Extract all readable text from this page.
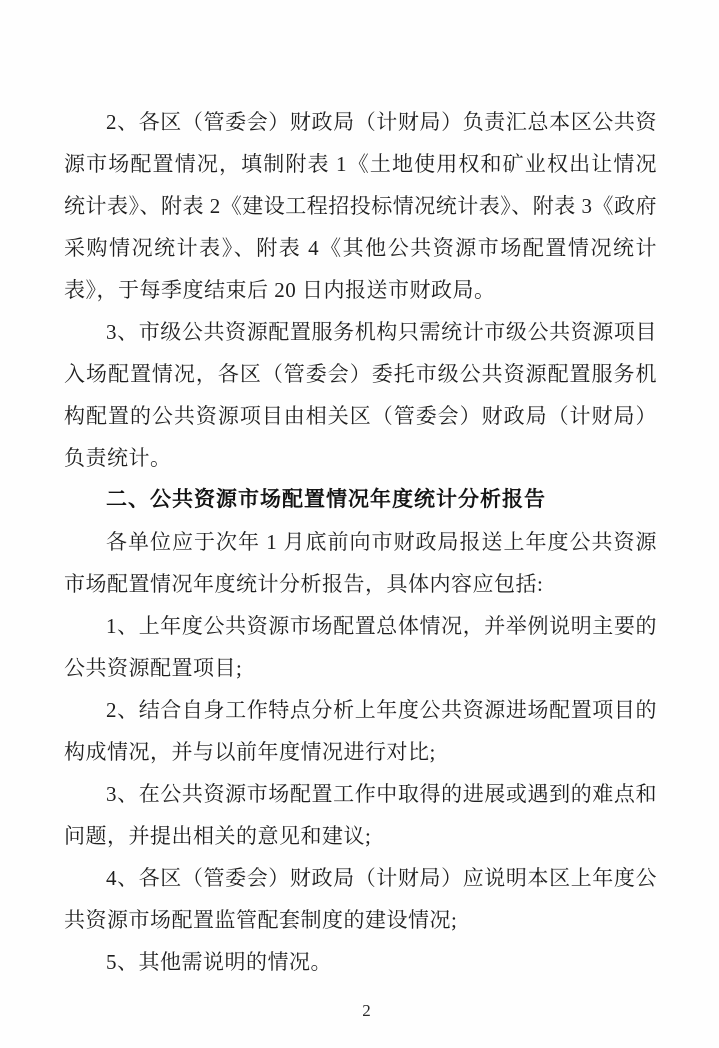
2、各区（管委会）财政局（计财局）负责汇总本区公共资源市场配置情况，填制附表 1《土地使用权和矿业权出让情况统计表》、附表 2《建设工程招投标情况统计表》、附表 3《政府采购情况统计表》、附表 4《其他公共资源市场配置情况统计表》，于每季度结束后 20 日内报送市财政局。

3、市级公共资源配置服务机构只需统计市级公共资源项目入场配置情况，各区（管委会）委托市级公共资源配置服务机构配置的公共资源项目由相关区（管委会）财政局（计财局）负责统计。

二、公共资源市场配置情况年度统计分析报告

各单位应于次年 1 月底前向市财政局报送上年度公共资源市场配置情况年度统计分析报告，具体内容应包括:

1、上年度公共资源市场配置总体情况，并举例说明主要的公共资源配置项目;

2、结合自身工作特点分析上年度公共资源进场配置项目的构成情况，并与以前年度情况进行对比;

3、在公共资源市场配置工作中取得的进展或遇到的难点和问题，并提出相关的意见和建议;

4、各区（管委会）财政局（计财局）应说明本区上年度公共资源市场配置监管配套制度的建设情况;

5、其他需说明的情况。

2
